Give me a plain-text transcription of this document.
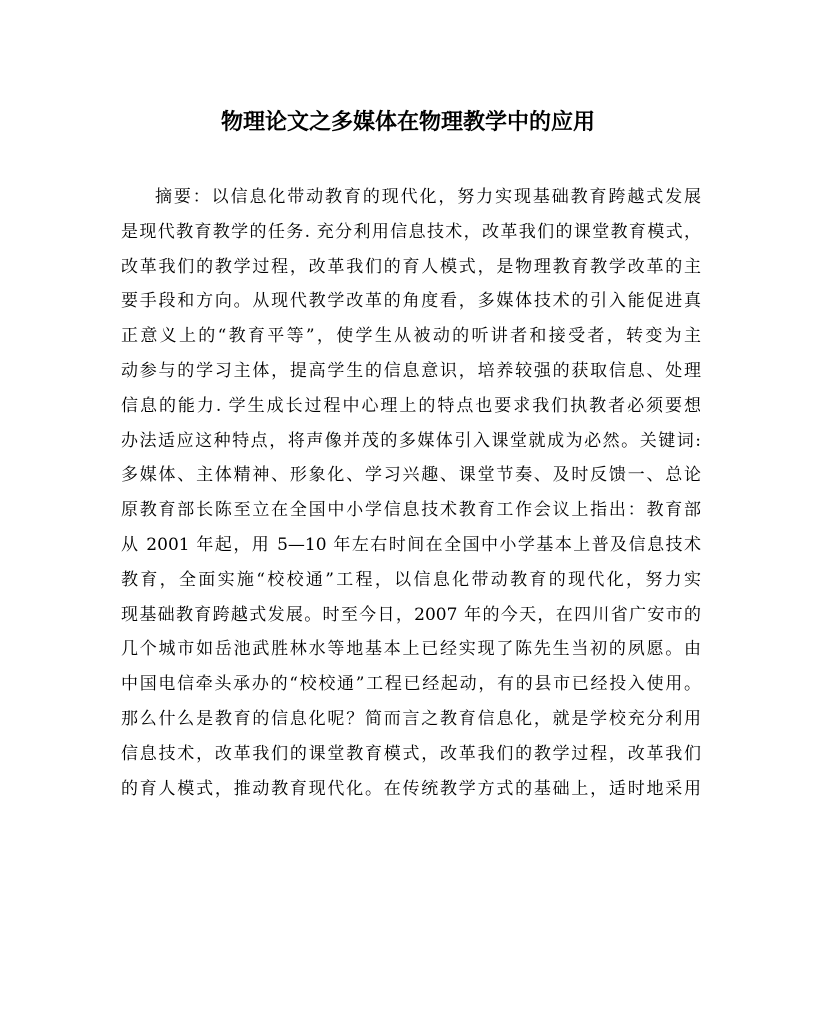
物理论文之多媒体在物理教学中的应用
摘要：以信息化带动教育的现代化，努力实现基础教育跨越式发展
是现代教育教学的任务. 充分利用信息技术，改革我们的课堂教育模式，
改革我们的教学过程，改革我们的育人模式，是物理教育教学改革的主
要手段和方向。从现代教学改革的角度看，多媒体技术的引入能促进真
正意义上的“教育平等”，使学生从被动的听讲者和接受者，转变为主
动参与的学习主体，提高学生的信息意识，培养较强的获取信息、处理
信息的能力. 学生成长过程中心理上的特点也要求我们执教者必须要想
办法适应这种特点，将声像并茂的多媒体引入课堂就成为必然。关键词:
多媒体、主体精神、形象化、学习兴趣、课堂节奏、及时反馈一、总论
原教育部长陈至立在全国中小学信息技术教育工作会议上指出：教育部
从 2001 年起，用 5—10 年左右时间在全国中小学基本上普及信息技术
教育，全面实施“校校通”工程，以信息化带动教育的现代化，努力实
现基础教育跨越式发展。时至今日，2007 年的今天，在四川省广安市的
几个城市如岳池武胜林水等地基本上已经实现了陈先生当初的夙愿。由
中国电信牵头承办的“校校通”工程已经起动，有的县市已经投入使用。
那么什么是教育的信息化呢？简而言之教育信息化，就是学校充分利用
信息技术，改革我们的课堂教育模式，改革我们的教学过程，改革我们
的育人模式，推动教育现代化。在传统教学方式的基础上，适时地采用
